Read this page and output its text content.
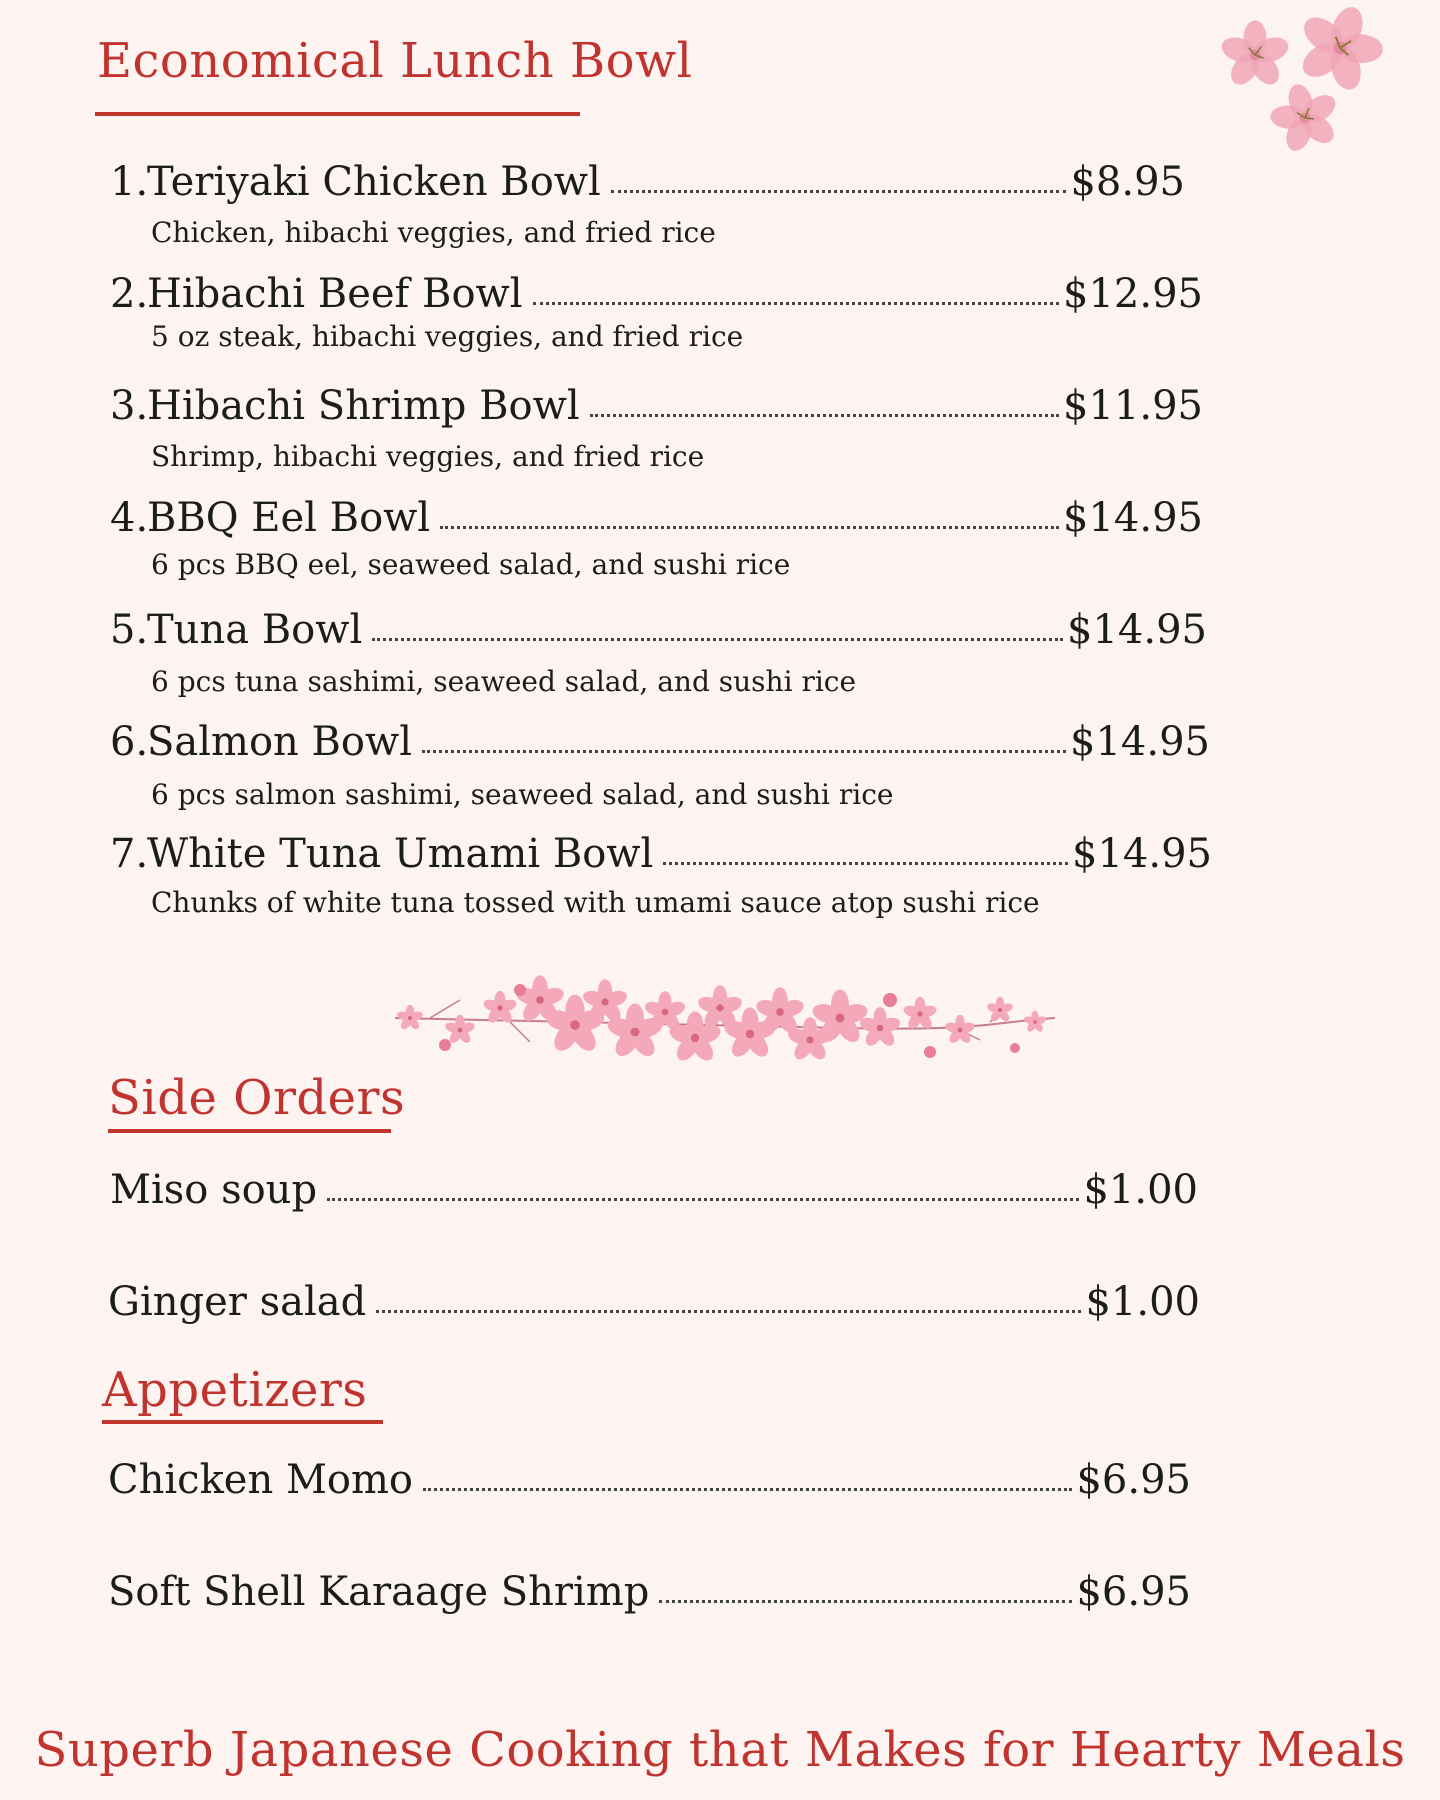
Economical Lunch Bowl
1.
Teriyaki Chicken Bowl	$8.95
Chicken, hibachi veggies, and fried rice
2.
Hibachi Beef Bowl	$12.95
5 oz steak, hibachi veggies, and fried rice
3.
Hibachi Shrimp Bowl	$11.95
Shrimp, hibachi veggies, and fried rice
4.
BBQ Eel Bowl	$14.95
6 pcs BBQ eel, seaweed salad, and sushi rice
5.
Tuna Bowl	$14.95
6 pcs tuna sashimi, seaweed salad, and sushi rice
6.
Salmon Bowl	$14.95
6 pcs salmon sashimi, seaweed salad, and sushi rice
7.
White Tuna Umami Bowl	$14.95
Chunks of white tuna tossed with umami sauce atop sushi rice
Side Orders
Miso soup	$1.00
Ginger salad	$1.00
Appetizers
Chicken Momo	$6.95
Soft Shell Karaage Shrimp	$6.95
Superb Japanese Cooking that Makes for Hearty Meals
